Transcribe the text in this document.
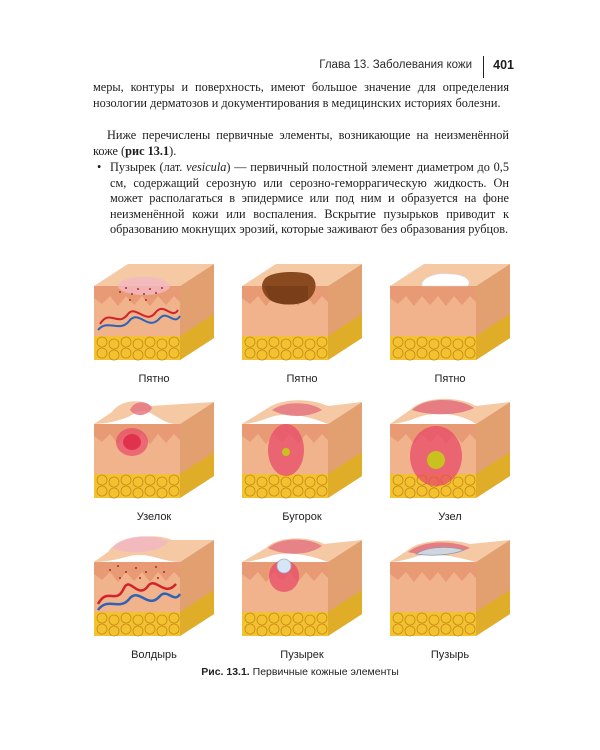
Глава 13. Заболевания кожи 401
меры, контуры и поверхность, имеют большое значение для определения нозологии дерматозов и документирования в медицинских историях болезни.
Ниже перечислены первичные элементы, возникающие на неизменённой коже (рис 13.1).
• Пузырек (лат. vesicula) — первичный полостной элемент диаметром до 0,5 см, содержащий серозную или серозно-геморрагическую жидкость. Он может располагаться в эпидермисе или под ним и образуется на фоне неизменённой кожи или воспаления. Вскрытие пузырьков приводит к образованию мокнущих эрозий, которые заживают без образования рубцов.
Пятно	Пятно	Пятно
Узелок	Бугорок	Узел
Волдырь	Пузырек	Пузырь
Рис. 13.1. Первичные кожные элементы
